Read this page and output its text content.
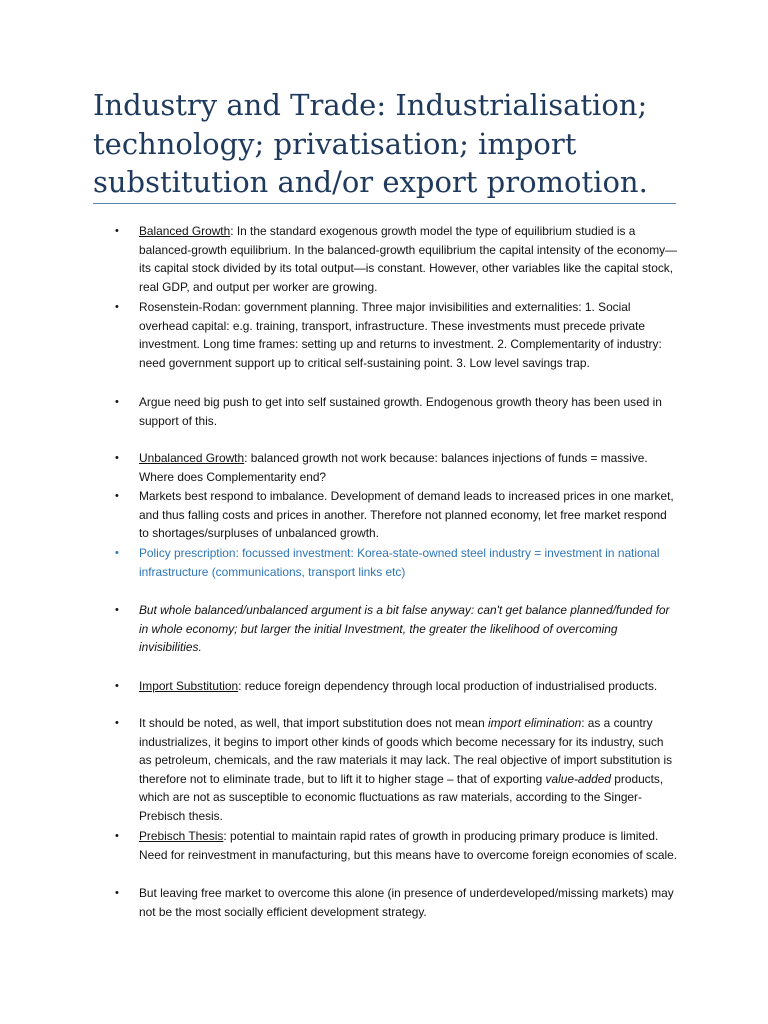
Industry and Trade: Industrialisation; technology; privatisation; import substitution and/or export promotion.
•	Balanced Growth: In the standard exogenous growth model the type of equilibrium studied is a balanced-growth equilibrium. In the balanced-growth equilibrium the capital intensity of the economy—its capital stock divided by its total output—is constant. However, other variables like the capital stock, real GDP, and output per worker are growing.
•	Rosenstein-Rodan: government planning. Three major invisibilities and externalities: 1. Social overhead capital: e.g. training, transport, infrastructure. These investments must precede private investment. Long time frames: setting up and returns to investment. 2. Complementarity of industry: need government support up to critical self-sustaining point. 3. Low level savings trap.
•	Argue need big push to get into self sustained growth. Endogenous growth theory has been used in support of this.
•	Unbalanced Growth: balanced growth not work because: balances injections of funds = massive. Where does Complementarity end?
•	Markets best respond to imbalance. Development of demand leads to increased prices in one market, and thus falling costs and prices in another. Therefore not planned economy, let free market respond to shortages/surpluses of unbalanced growth.
•	Policy prescription: focussed investment: Korea-state-owned steel industry = investment in national infrastructure (communications, transport links etc)
•	But whole balanced/unbalanced argument is a bit false anyway: can't get balance planned/funded for in whole economy; but larger the initial Investment, the greater the likelihood of overcoming invisibilities.
•	Import Substitution: reduce foreign dependency through local production of industrialised products.
•	It should be noted, as well, that import substitution does not mean import elimination: as a country industrializes, it begins to import other kinds of goods which become necessary for its industry, such as petroleum, chemicals, and the raw materials it may lack. The real objective of import substitution is therefore not to eliminate trade, but to lift it to higher stage – that of exporting value-added products, which are not as susceptible to economic fluctuations as raw materials, according to the Singer-Prebisch thesis.
•	Prebisch Thesis: potential to maintain rapid rates of growth in producing primary produce is limited. Need for reinvestment in manufacturing, but this means have to overcome foreign economies of scale.
•	But leaving free market to overcome this alone (in presence of underdeveloped/missing markets) may not be the most socially efficient development strategy.
